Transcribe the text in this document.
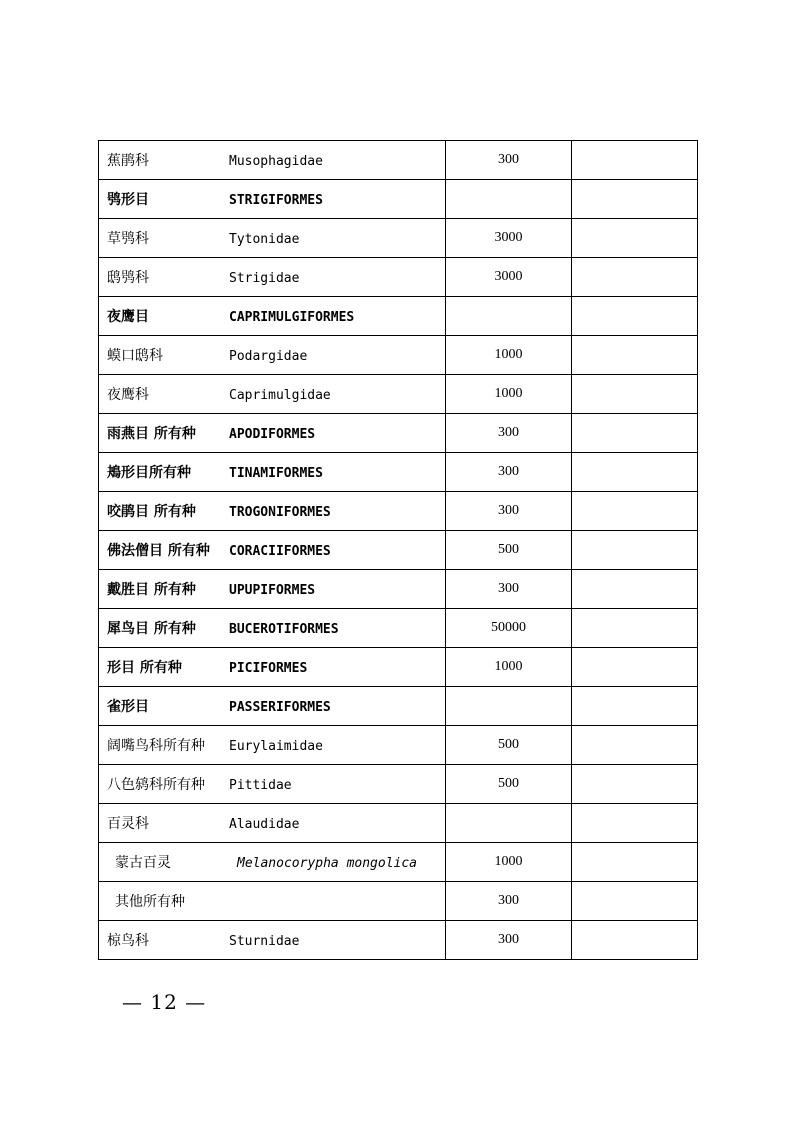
蕉鹃科 Musophagidae	300	
鸮形目 STRIGIFORMES		
草鸮科 Tytonidae	3000	
鸱鸮科 Strigidae	3000	
夜鹰目 CAPRIMULGIFORMES		
蟆口鸱科 Podargidae	1000	
夜鹰科 Caprimulgidae	1000	
雨燕目 所有种 APODIFORMES	300	
鴂形目所有种 TINAMIFORMES	300	
咬鹃目 所有种 TROGONIFORMES	300	
佛法僧目 所有种 CORACIIFORMES	500	
戴胜目 所有种 UPUPIFORMES	300	
犀鸟目 所有种 BUCEROTIFORMES	50000	
形目 所有种 PICIFORMES	1000	
雀形目 PASSERIFORMES		
阔嘴鸟科所有种 Eurylaimidae	500	
八色鸫科所有种 Pittidae	500	
百灵科 Alaudidae		
蒙古百灵 Melanocorypha mongolica	1000	
其他所有种	300	
椋鸟科 Sturnidae	300	
— 12 —
